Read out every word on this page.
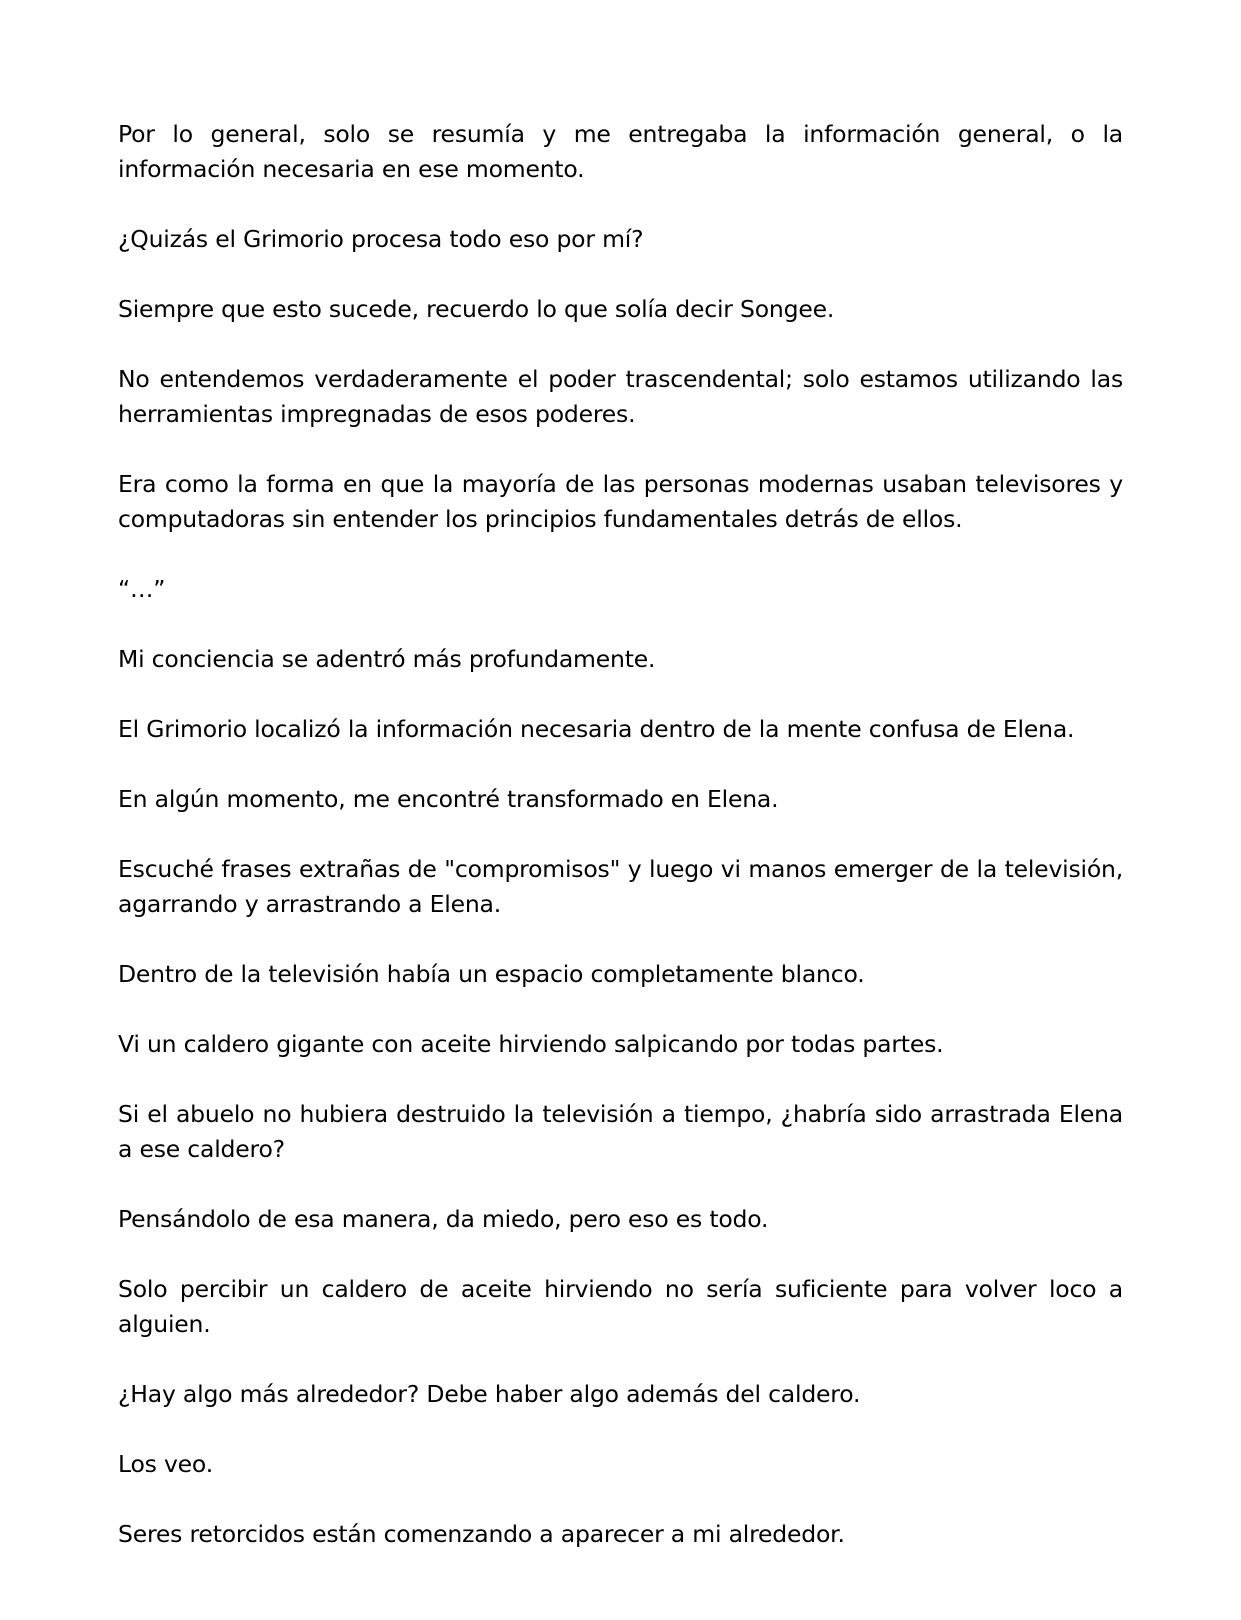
Por lo general, solo se resumía y me entregaba la información general, o la información necesaria en ese momento.

¿Quizás el Grimorio procesa todo eso por mí?

Siempre que esto sucede, recuerdo lo que solía decir Songee.

No entendemos verdaderamente el poder trascendental; solo estamos utilizando las herramientas impregnadas de esos poderes.

Era como la forma en que la mayoría de las personas modernas usaban televisores y computadoras sin entender los principios fundamentales detrás de ellos.

“…”

Mi conciencia se adentró más profundamente.

El Grimorio localizó la información necesaria dentro de la mente confusa de Elena.

En algún momento, me encontré transformado en Elena.

Escuché frases extrañas de "compromisos" y luego vi manos emerger de la televisión, agarrando y arrastrando a Elena.

Dentro de la televisión había un espacio completamente blanco.

Vi un caldero gigante con aceite hirviendo salpicando por todas partes.

Si el abuelo no hubiera destruido la televisión a tiempo, ¿habría sido arrastrada Elena a ese caldero?

Pensándolo de esa manera, da miedo, pero eso es todo.

Solo percibir un caldero de aceite hirviendo no sería suficiente para volver loco a alguien.

¿Hay algo más alrededor? Debe haber algo además del caldero.

Los veo.

Seres retorcidos están comenzando a aparecer a mi alrededor.
